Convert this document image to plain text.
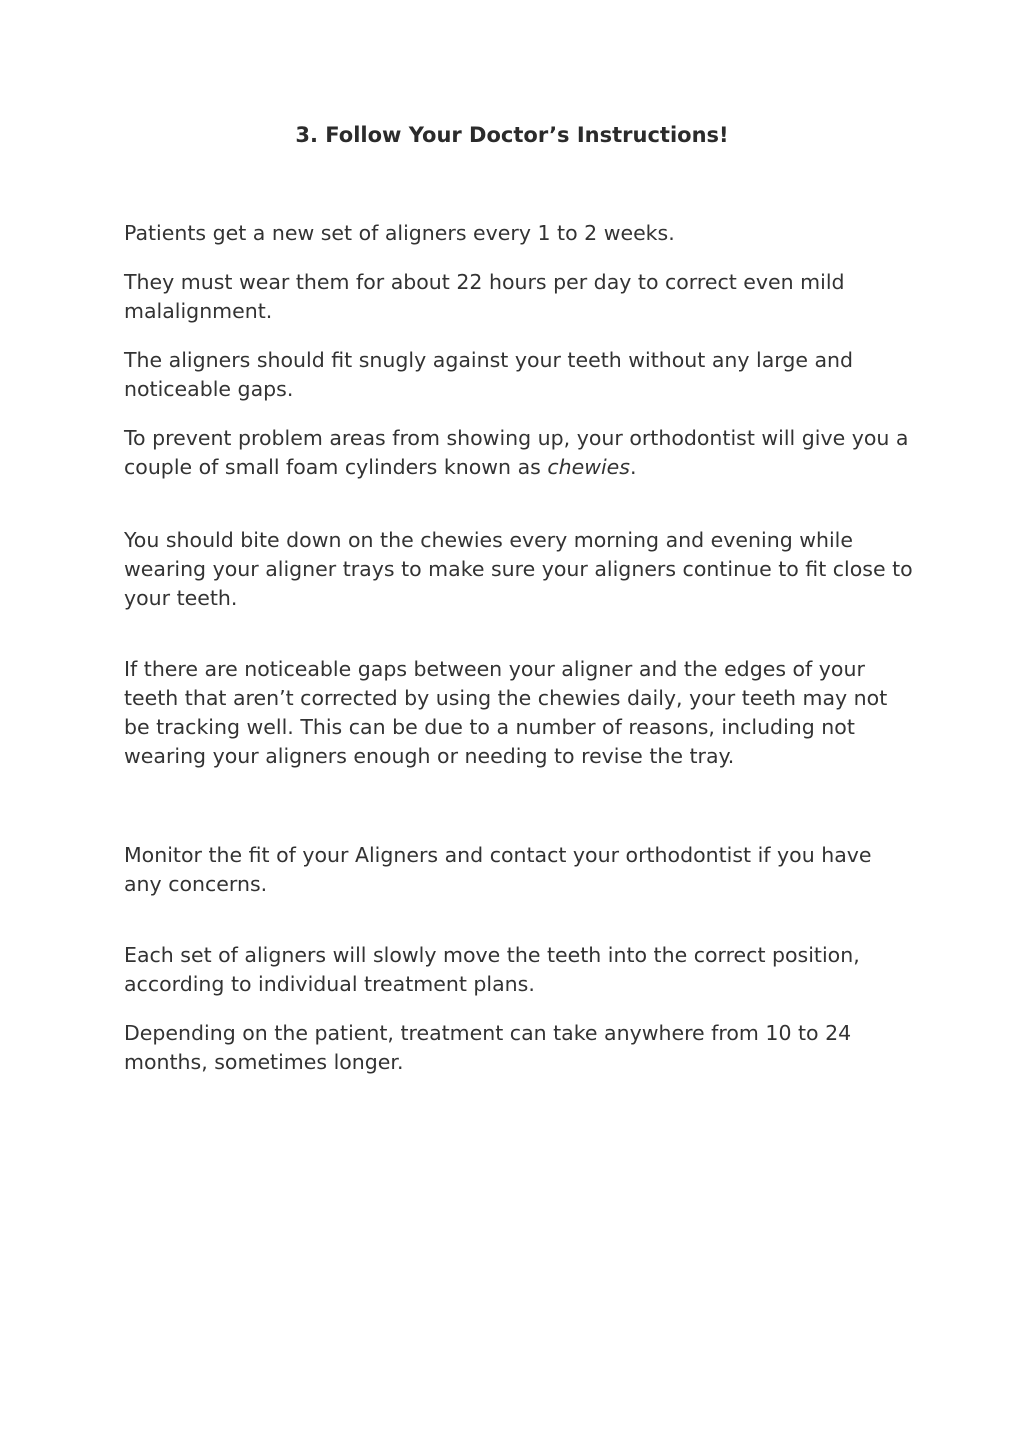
3. Follow Your Doctor’s Instructions!

Patients get a new set of aligners every 1 to 2 weeks.

They must wear them for about 22 hours per day to correct even mild malalignment.

The aligners should fit snugly against your teeth without any large and noticeable gaps.

To prevent problem areas from showing up, your orthodontist will give you a couple of small foam cylinders known as chewies.

You should bite down on the chewies every morning and evening while wearing your aligner trays to make sure your aligners continue to fit close to your teeth.

If there are noticeable gaps between your aligner and the edges of your teeth that aren’t corrected by using the chewies daily, your teeth may not be tracking well. This can be due to a number of reasons, including not wearing your aligners enough or needing to revise the tray.

Monitor the fit of your Aligners and contact your orthodontist if you have any concerns.

Each set of aligners will slowly move the teeth into the correct position, according to individual treatment plans.

Depending on the patient, treatment can take anywhere from 10 to 24 months, sometimes longer.
